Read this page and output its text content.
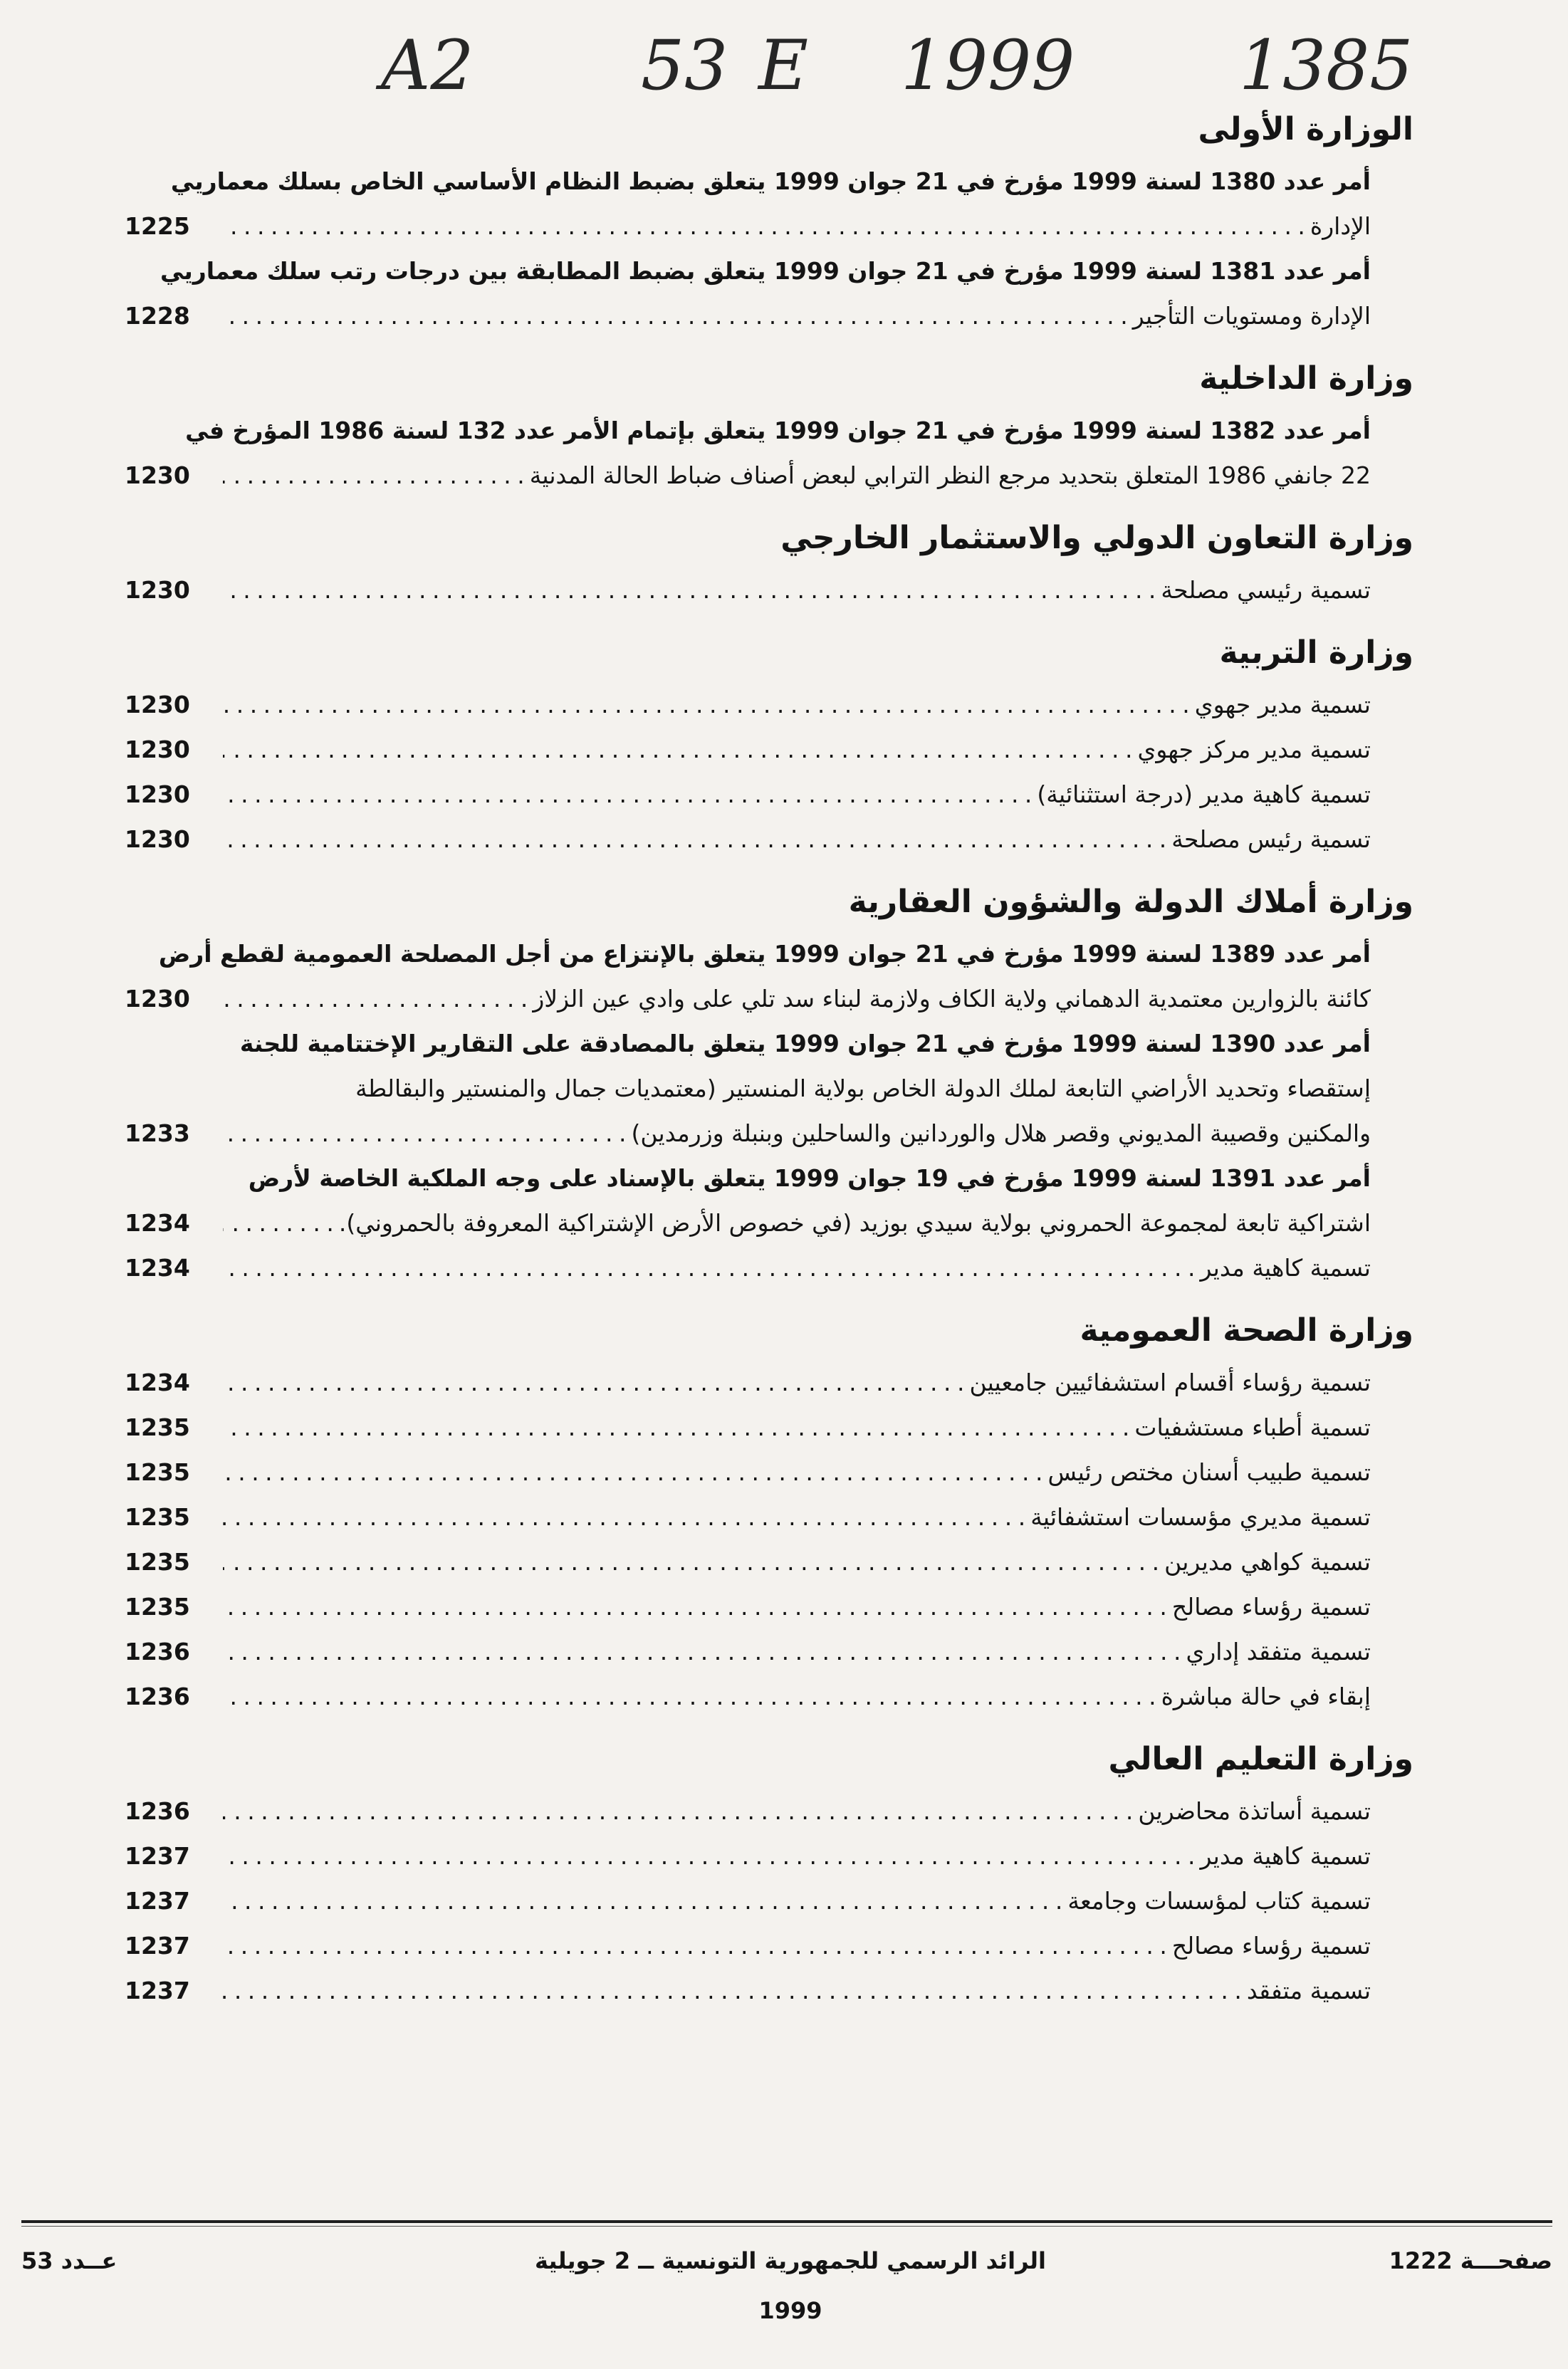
A2 53 E 1999 1385
الوزارة الأولى
أمر عدد 1380 لسنة 1999 مؤرخ في 21 جوان 1999 يتعلق بضبط النظام الأساسي الخاص بسلك معماريي
الإدارة
. . .
1225
أمر عدد 1381 لسنة 1999 مؤرخ في 21 جوان 1999 يتعلق بضبط المطابقة بين درجات رتب سلك معماريي
الإدارة ومستويات التأجير
. . .
1228
وزارة الداخلية
أمر عدد 1382 لسنة 1999 مؤرخ في 21 جوان 1999 يتعلق بإتمام الأمر عدد 132 لسنة 1986 المؤرخ في
22 جانفي 1986 المتعلق بتحديد مرجع النظر الترابي لبعض أصناف ضباط الحالة المدنية
. . .
1230
وزارة التعاون الدولي والاستثمار الخارجي
تسمية رئيسي مصلحة
. . .
1230
وزارة التربية
تسمية مدير جهوي
. . .
1230
تسمية مدير مركز جهوي
. . .
1230
تسمية كاهية مدير (درجة استثنائية)
. . .
1230
تسمية رئيس مصلحة
. . .
1230
وزارة أملاك الدولة والشؤون العقارية
أمر عدد 1389 لسنة 1999 مؤرخ في 21 جوان 1999 يتعلق بالإنتزاع من أجل المصلحة العمومية لقطع أرض
كائنة بالزوارين معتمدية الدهماني ولاية الكاف ولازمة لبناء سد تلي على وادي عين الزلاز
. . .
1230
أمر عدد 1390 لسنة 1999 مؤرخ في 21 جوان 1999 يتعلق بالمصادقة على التقارير الإختتامية للجنة
إستقصاء وتحديد الأراضي التابعة لملك الدولة الخاص بولاية المنستير (معتمديات جمال والمنستير والبقالطة
والمكنين وقصيبة المديوني وقصر هلال والوردانين والساحلين وبنبلة وزرمدين)
. . .
1233
أمر عدد 1391 لسنة 1999 مؤرخ في 19 جوان 1999 يتعلق بالإسناد على وجه الملكية الخاصة لأرض
اشتراكية تابعة لمجموعة الحمروني بولاية سيدي بوزيد (في خصوص الأرض الإشتراكية المعروفة بالحمروني).
. . .
1234
تسمية كاهية مدير
. . .
1234
وزارة الصحة العمومية
تسمية رؤساء أقسام استشفائيين جامعيين
. . .
1234
تسمية أطباء مستشفيات
. . .
1235
تسمية طبيب أسنان مختص رئيس
. . .
1235
تسمية مديري مؤسسات استشفائية
. . .
1235
تسمية كواهي مديرين
. . .
1235
تسمية رؤساء مصالح
. . .
1235
تسمية متفقد إداري
. . .
1236
إبقاء في حالة مباشرة
. . .
1236
وزارة التعليم العالي
تسمية أساتذة محاضرين
. . .
1236
تسمية كاهية مدير
. . .
1237
تسمية كتاب لمؤسسات وجامعة
. . .
1237
تسمية رؤساء مصالح
. . .
1237
تسمية متفقد
. . .
1237
صفحـــة 1222
الرائد الرسمي للجمهورية التونسية ــ 2 جويلية 1999
عــدد 53
